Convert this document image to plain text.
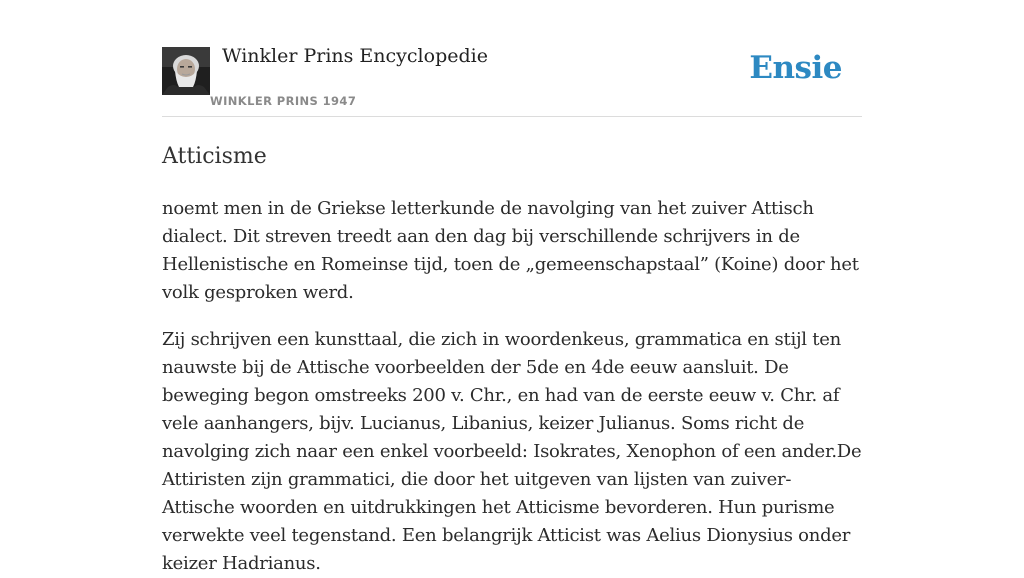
Winkler Prins Encyclopedie
WINKLER PRINS 1947
Ensie
Atticisme

noemt men in de Griekse letterkunde de navolging van het zuiver Attisch dialect. Dit streven treedt aan den dag bij verschillende schrijvers in de Hellenistische en Romeinse tijd, toen de „gemeenschapstaal” (Koine) door het volk gesproken werd.

Zij schrijven een kunsttaal, die zich in woordenkeus, grammatica en stijl ten nauwste bij de Attische voorbeelden der 5de en 4de eeuw aansluit. De beweging begon omstreeks 200 v. Chr., en had van de eerste eeuw v. Chr. af vele aanhangers, bijv. Lucianus, Libanius, keizer Julianus. Soms richt de navolging zich naar een enkel voorbeeld: Isokrates, Xenophon of een ander.De Attiristen zijn grammatici, die door het uitgeven van lijsten van zuiver-Attische woorden en uitdrukkingen het Atticisme bevorderen. Hun purisme verwekte veel tegenstand. Een belangrijk Atticist was Aelius Dionysius onder keizer Hadrianus.
